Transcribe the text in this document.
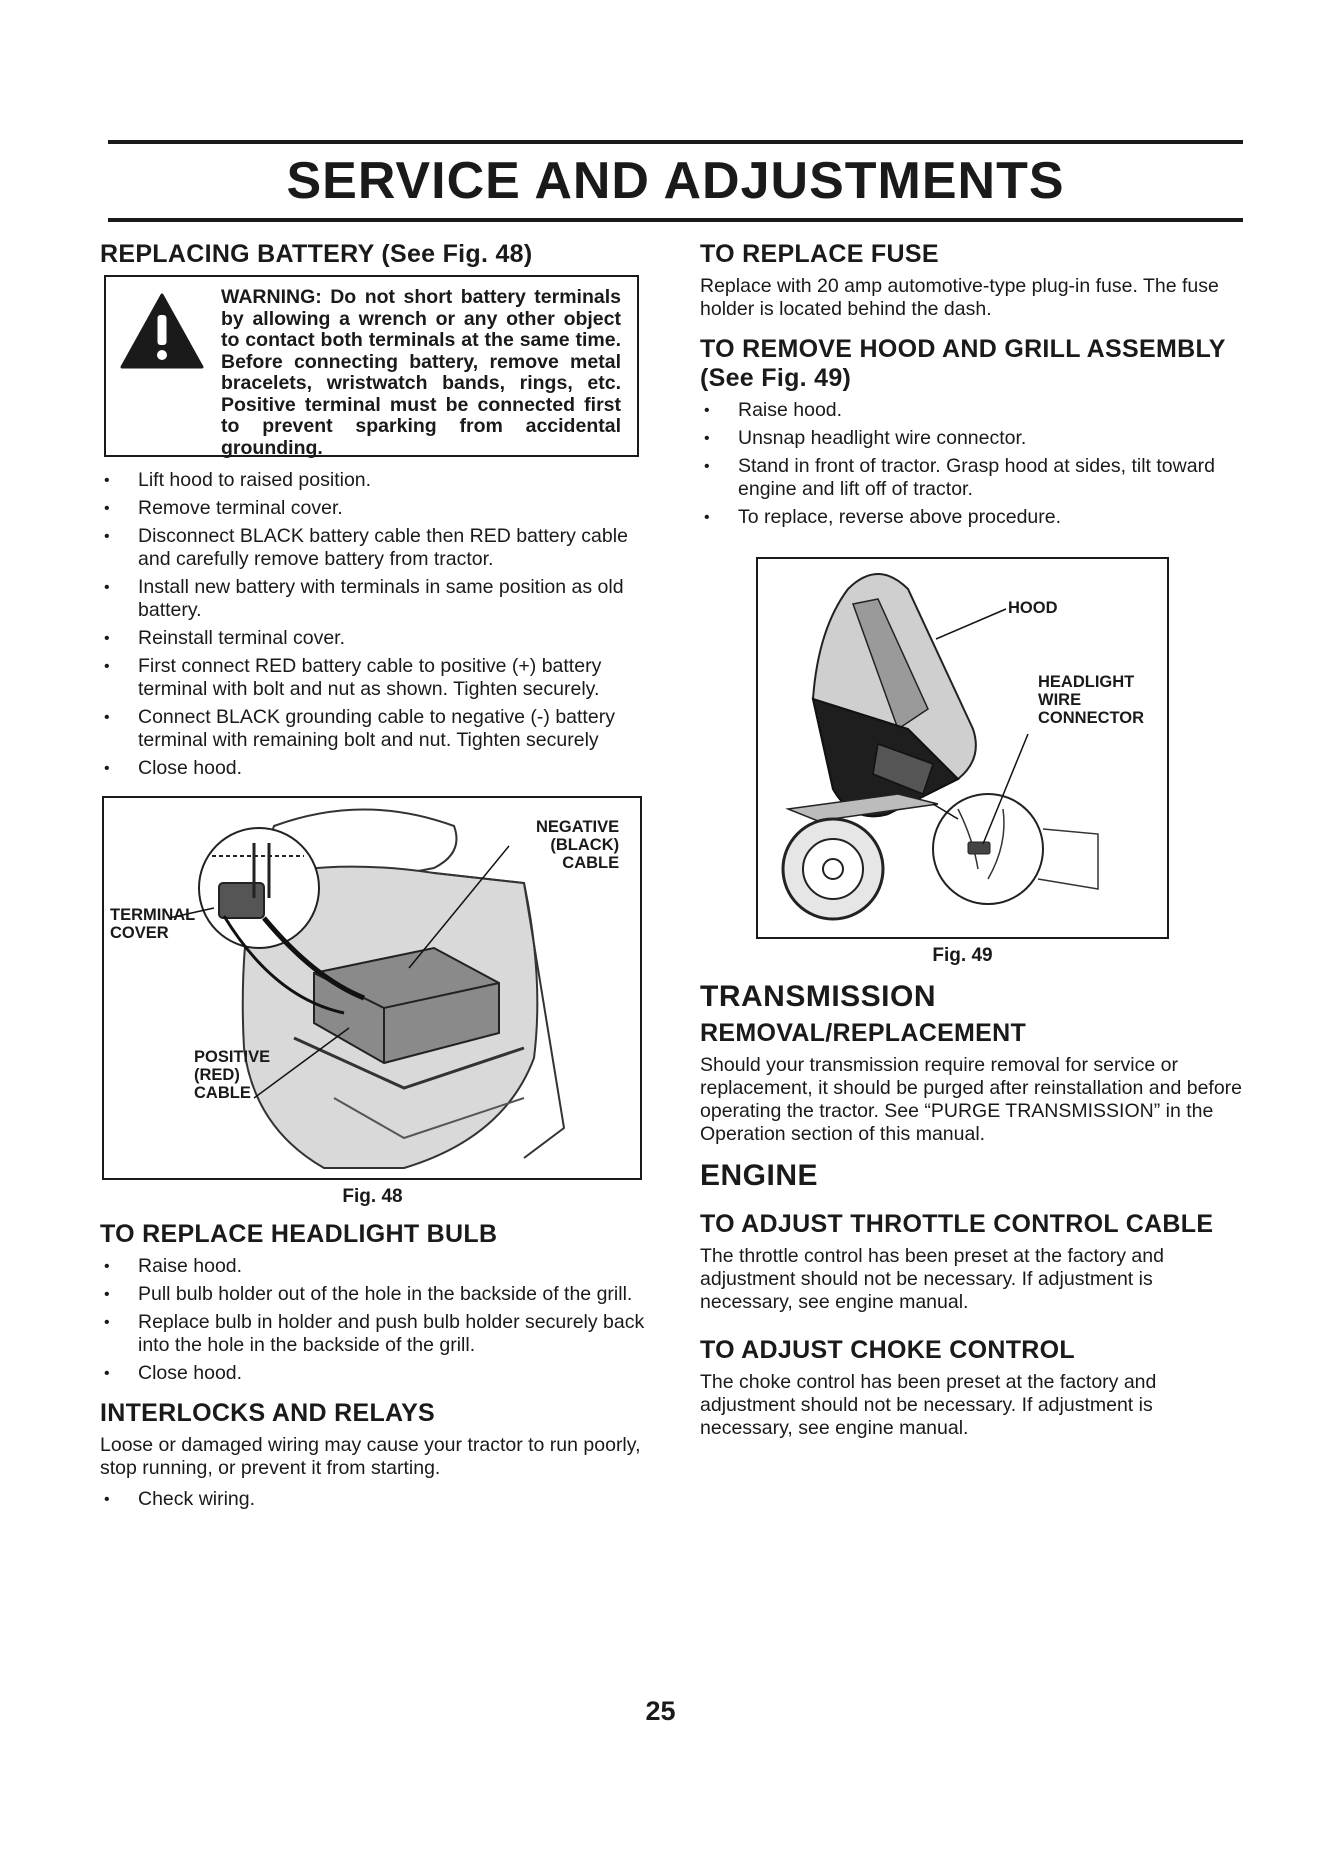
SERVICE AND ADJUSTMENTS
REPLACING BATTERY (See Fig. 48)
WARNING: Do not short battery terminals by allowing a wrench or any other object to contact both terminals at the same time. Before connecting battery, remove metal bracelets, wristwatch bands, rings, etc. Positive terminal must be connected first to prevent sparking from accidental grounding.
• Lift hood to raised position.
• Remove terminal cover.
• Disconnect BLACK battery cable then RED battery cable and carefully remove battery from tractor.
• Install new battery with terminals in same position as old battery.
• Reinstall terminal cover.
• First connect RED battery cable to positive (+) battery terminal with bolt and nut as shown. Tighten securely.
• Connect BLACK grounding cable to negative (-) battery terminal with remaining bolt and nut. Tighten securely
• Close hood.
NEGATIVE
(BLACK)
CABLE
TERMINAL
COVER
POSITIVE
(RED)
CABLE
Fig. 48
TO REPLACE HEADLIGHT BULB
• Raise hood.
• Pull bulb holder out of the hole in the backside of the grill.
• Replace bulb in holder and push bulb holder securely back into the hole in the backside of the grill.
• Close hood.
INTERLOCKS AND RELAYS

Loose or damaged wiring may cause your tractor to run poorly, stop running, or prevent it from starting.

• Check wiring.
TO REPLACE FUSE

Replace with 20 amp automotive-type plug-in fuse. The fuse holder is located behind the dash.

TO REMOVE HOOD AND GRILL ASSEMBLY (See Fig. 49)
• Raise hood.
• Unsnap headlight wire connector.
• Stand in front of tractor. Grasp hood at sides, tilt toward engine and lift off of tractor.
• To replace, reverse above procedure.
HOOD
HEADLIGHT
WIRE
CONNECTOR
Fig. 49
TRANSMISSION
REMOVAL/REPLACEMENT

Should your transmission require removal for service or replacement, it should be purged after reinstallation and before operating the tractor. See “PURGE TRANSMISSION” in the Operation section of this manual.

ENGINE
TO ADJUST THROTTLE CONTROL CABLE

The throttle control has been preset at the factory and adjustment should not be necessary. If adjustment is necessary, see engine manual.

TO ADJUST CHOKE CONTROL

The choke control has been preset at the factory and adjustment should not be necessary. If adjustment is necessary, see engine manual.

25
